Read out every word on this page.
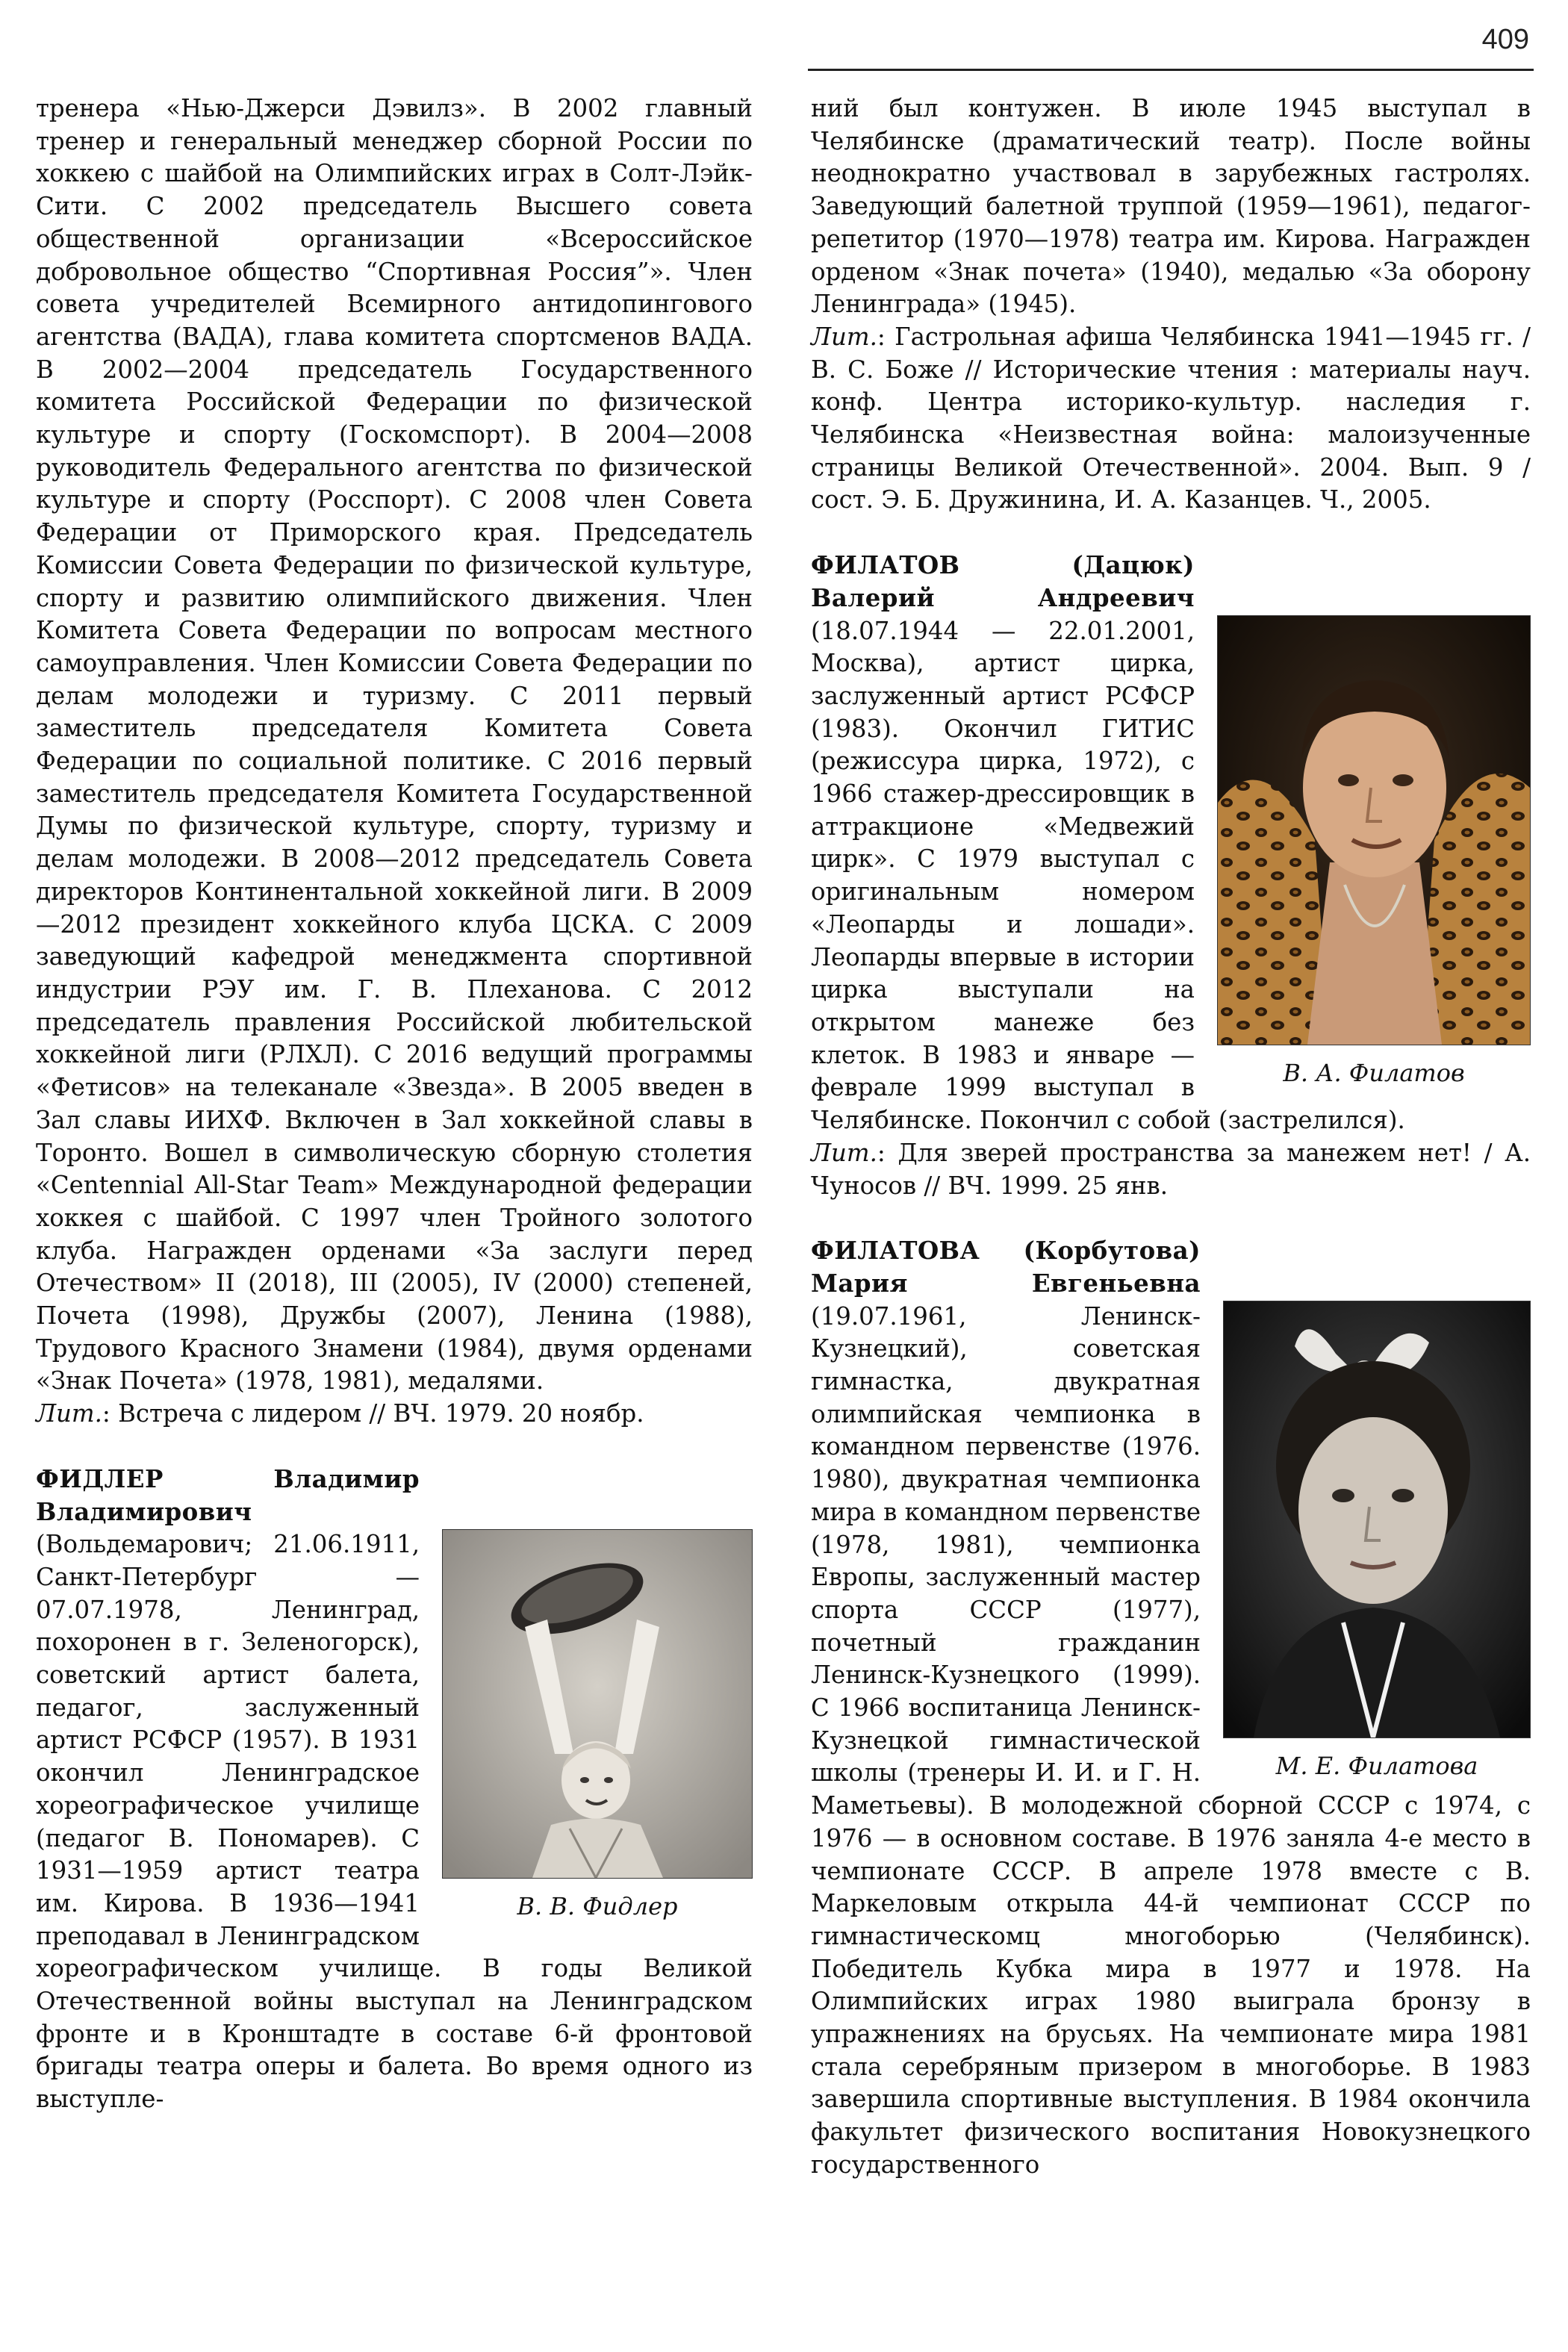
409

тренера «Нью-Джерси Дэвилз». В 2002 главный тренер и генеральный менеджер сборной России по хоккею с шайбой на Олимпийских играх в Солт-Лэйк-Сити. С 2002 председатель Высшего совета общественной организации «Всероссийское добровольное общество “Спортивная Россия”». Член совета учредителей Всемирного антидопингового агентства (ВАДА), глава комитета спортсменов ВАДА. В 2002—2004 председатель Государственного комитета Российской Федерации по физической культуре и спорту (Госкомспорт). В 2004—2008 руководитель Федерального агентства по физической культуре и спорту (Росспорт). С 2008 член Совета Федерации от Приморского края. Председатель Комиссии Совета Федерации по физической культуре, спорту и развитию олимпийского движения. Член Комитета Совета Федерации по вопросам местного самоуправления. Член Комиссии Совета Федерации по делам молодежи и туризму. С 2011 первый заместитель председателя Комитета Совета Федерации по социальной политике. С 2016 первый заместитель председателя Комитета Государственной Думы по физической культуре, спорту, туризму и делам молодежи. В 2008—2012 председатель Совета директоров Континентальной хоккейной лиги. В 2009—2012 президент хоккейного клуба ЦСКА. С 2009 заведующий кафедрой менеджмента спортивной индустрии РЭУ им. Г. В. Плеханова. С 2012 председатель правления Российской любительской хоккейной лиги (РЛХЛ). С 2016 ведущий программы «Фетисов» на телеканале «Звезда». В 2005 введен в Зал славы ИИХФ. Включен в Зал хоккейной славы в Торонто. Вошел в символическую сборную столетия «Centennial All-Star Team» Международной федерации хоккея с шайбой. С 1997 член Тройного золотого клуба. Награжден орденами «За заслуги перед Отечеством» II (2018), III (2005), IV (2000) степеней, Почета (1998), Дружбы (2007), Ленина (1988), Трудового Красного Знамени (1984), двумя орденами «Знак Почета» (1978, 1981), медалями.

Лит.: Встреча с лидером // ВЧ. 1979. 20 ноябр.

В. В. Фидлер

ФИДЛЕР Владимир Владимирович (Вольдемарович; 21.06.1911, Санкт-Петербург — 07.07.1978, Ленинград, похоронен в г. Зеленогорск), советский артист балета, педагог, заслуженный артист РСФСР (1957). В 1931 окончил Ленинградское хореографическое училище (педагог В. Пономарев). С 1931—1959 артист театра им. Кирова. В 1936—1941 преподавал в Ленинградском хореографическом училище. В годы Великой Отечественной войны выступал на Ленинградском фронте и в Кронштадте в составе 6-й фронтовой бригады театра оперы и балета. Во время одного из выступле-

ний был контужен. В июле 1945 выступал в Челябинске (драматический театр). После войны неоднократно участвовал в зарубежных гастролях. Заведующий балетной труппой (1959—1961), педагог-репетитор (1970—1978) театра им. Кирова. Награжден орденом «Знак почета» (1940), медалью «За оборону Ленинграда» (1945).

Лит.: Гастрольная афиша Челябинска 1941—1945 гг. / В. С. Боже // Исторические чтения : материалы науч. конф. Центра историко-культур. наследия г. Челябинска «Неизвестная война: малоизученные страницы Великой Отечественной». 2004. Вып. 9 / сост. Э. Б. Дружинина, И. А. Казанцев. Ч., 2005.

В. А. Филатов

ФИЛАТОВ (Дацюк) Валерий Андреевич (18.07.1944 — 22.01.2001, Москва), артист цирка, заслуженный артист РСФСР (1983). Окончил ГИТИС (режиссура цирка, 1972), с 1966 стажер-дрессировщик в аттракционе «Медвежий цирк». С 1979 выступал с оригинальным номером «Леопарды и лошади». Леопарды впервые в истории цирка выступали на открытом манеже без клеток. В 1983 и январе — феврале 1999 выступал в Челябинске. Покончил с собой (застрелился).

Лит.: Для зверей пространства за манежем нет! / А. Чуносов // ВЧ. 1999. 25 янв.

М. Е. Филатова

ФИЛАТОВА (Корбутова) Мария Евгеньевна (19.07.1961, Ленинск-Кузнецкий), советская гимнастка, двукратная олимпийская чемпионка в командном первенстве (1976. 1980), двукратная чемпионка мира в командном первенстве (1978, 1981), чемпионка Европы, заслуженный мастер спорта СССР (1977), почетный гражданин Ленинск-Кузнецкого (1999). С 1966 воспитаница Ленинск-Кузнецкой гимнастической школы (тренеры И. И. и Г. Н. Маметьевы). В молодежной сборной СССР с 1974, с 1976 — в основном составе. В 1976 заняла 4-е место в чемпионате СССР. В апреле 1978 вместе с В. Маркеловым открыла 44-й чемпионат СССР по гимнастическомц многоборью (Челябинск). Победитель Кубка мира в 1977 и 1978. На Олимпийских играх 1980 выиграла бронзу в упражнениях на брусьях. На чемпионате мира 1981 стала серебряным призером в многоборье. В 1983 завершила спортивные выступления. В 1984 окончила факультет физического воспитания Новокузнецкого государственного
